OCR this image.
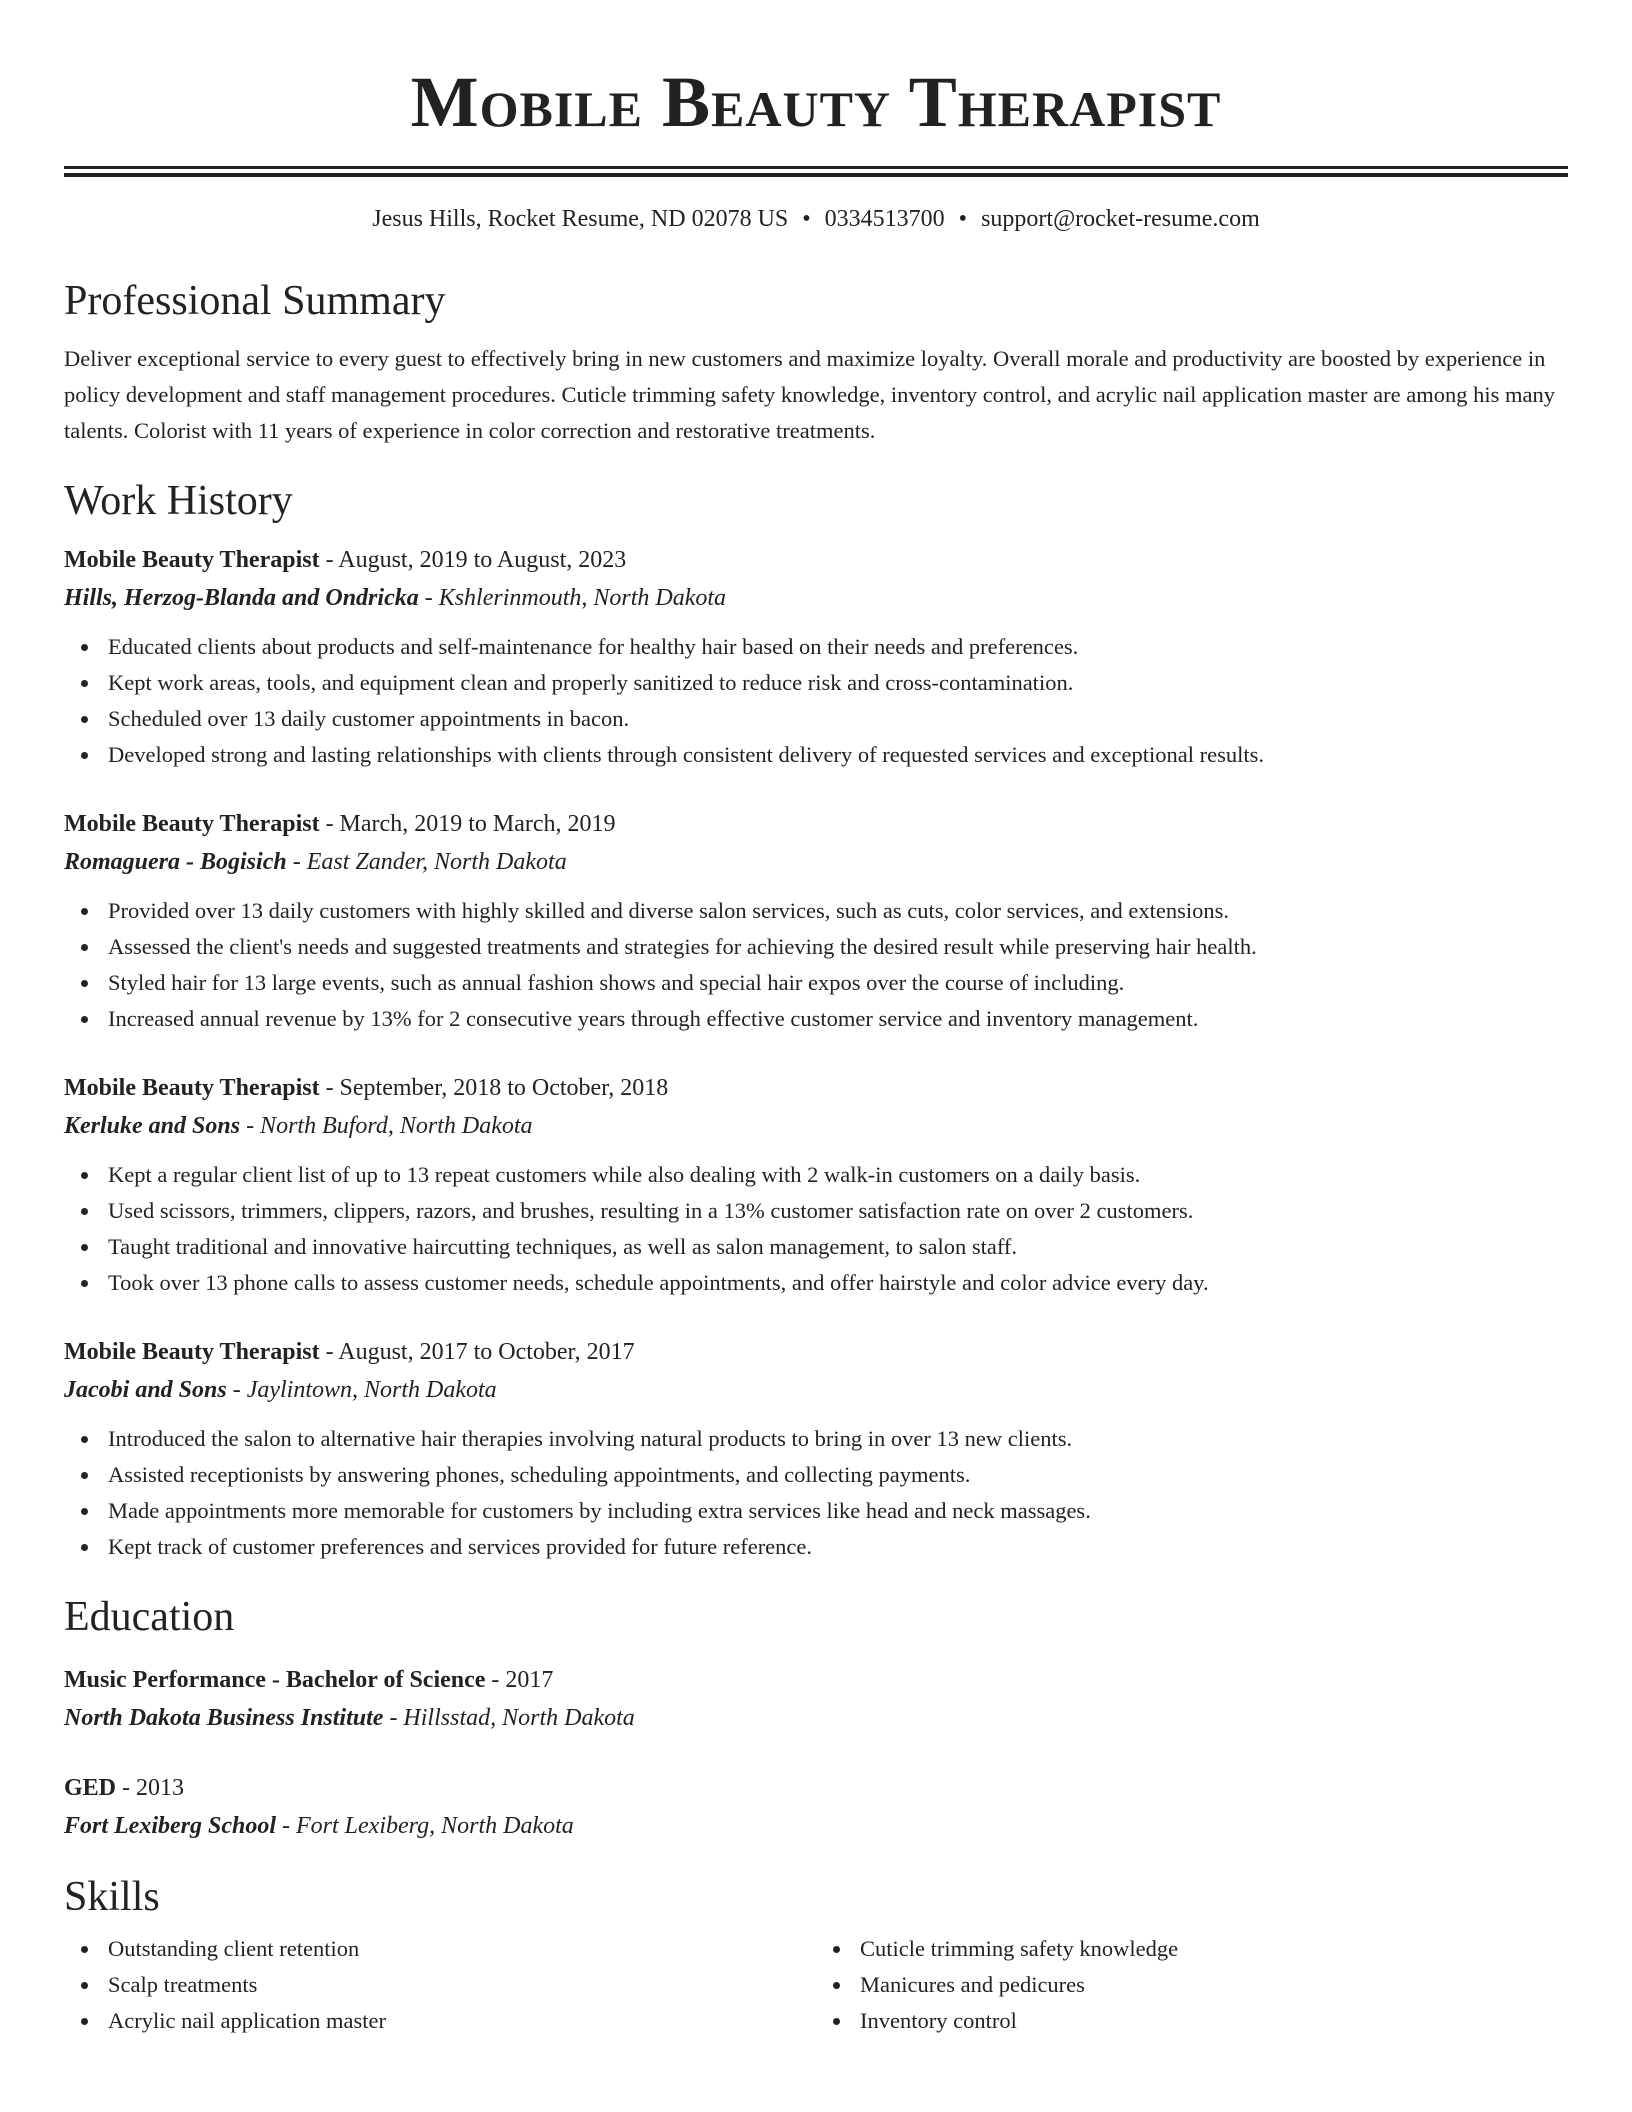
Mobile Beauty Therapist
Jesus Hills, Rocket Resume, ND 02078 US • 0334513700 • support@rocket-resume.com
Professional Summary

Deliver exceptional service to every guest to effectively bring in new customers and maximize loyalty. Overall morale and productivity are boosted by experience in policy development and staff management procedures. Cuticle trimming safety knowledge, inventory control, and acrylic nail application master are among his many talents. Colorist with 11 years of experience in color correction and restorative treatments.

Work History
Mobile Beauty Therapist - August, 2019 to August, 2023
Hills, Herzog-Blanda and Ondricka - Kshlerinmouth, North Dakota
Educated clients about products and self-maintenance for healthy hair based on their needs and preferences.
Kept work areas, tools, and equipment clean and properly sanitized to reduce risk and cross-contamination.
Scheduled over 13 daily customer appointments in bacon.
Developed strong and lasting relationships with clients through consistent delivery of requested services and exceptional results.
Mobile Beauty Therapist - March, 2019 to March, 2019
Romaguera - Bogisich - East Zander, North Dakota
Provided over 13 daily customers with highly skilled and diverse salon services, such as cuts, color services, and extensions.
Assessed the client's needs and suggested treatments and strategies for achieving the desired result while preserving hair health.
Styled hair for 13 large events, such as annual fashion shows and special hair expos over the course of including.
Increased annual revenue by 13% for 2 consecutive years through effective customer service and inventory management.
Mobile Beauty Therapist - September, 2018 to October, 2018
Kerluke and Sons - North Buford, North Dakota
Kept a regular client list of up to 13 repeat customers while also dealing with 2 walk-in customers on a daily basis.
Used scissors, trimmers, clippers, razors, and brushes, resulting in a 13% customer satisfaction rate on over 2 customers.
Taught traditional and innovative haircutting techniques, as well as salon management, to salon staff.
Took over 13 phone calls to assess customer needs, schedule appointments, and offer hairstyle and color advice every day.
Mobile Beauty Therapist - August, 2017 to October, 2017
Jacobi and Sons - Jaylintown, North Dakota
Introduced the salon to alternative hair therapies involving natural products to bring in over 13 new clients.
Assisted receptionists by answering phones, scheduling appointments, and collecting payments.
Made appointments more memorable for customers by including extra services like head and neck massages.
Kept track of customer preferences and services provided for future reference.
Education
Music Performance - Bachelor of Science - 2017
North Dakota Business Institute - Hillsstad, North Dakota
GED - 2013
Fort Lexiberg School - Fort Lexiberg, North Dakota
Skills
Outstanding client retention
Scalp treatments
Acrylic nail application master
Cuticle trimming safety knowledge
Manicures and pedicures
Inventory control
